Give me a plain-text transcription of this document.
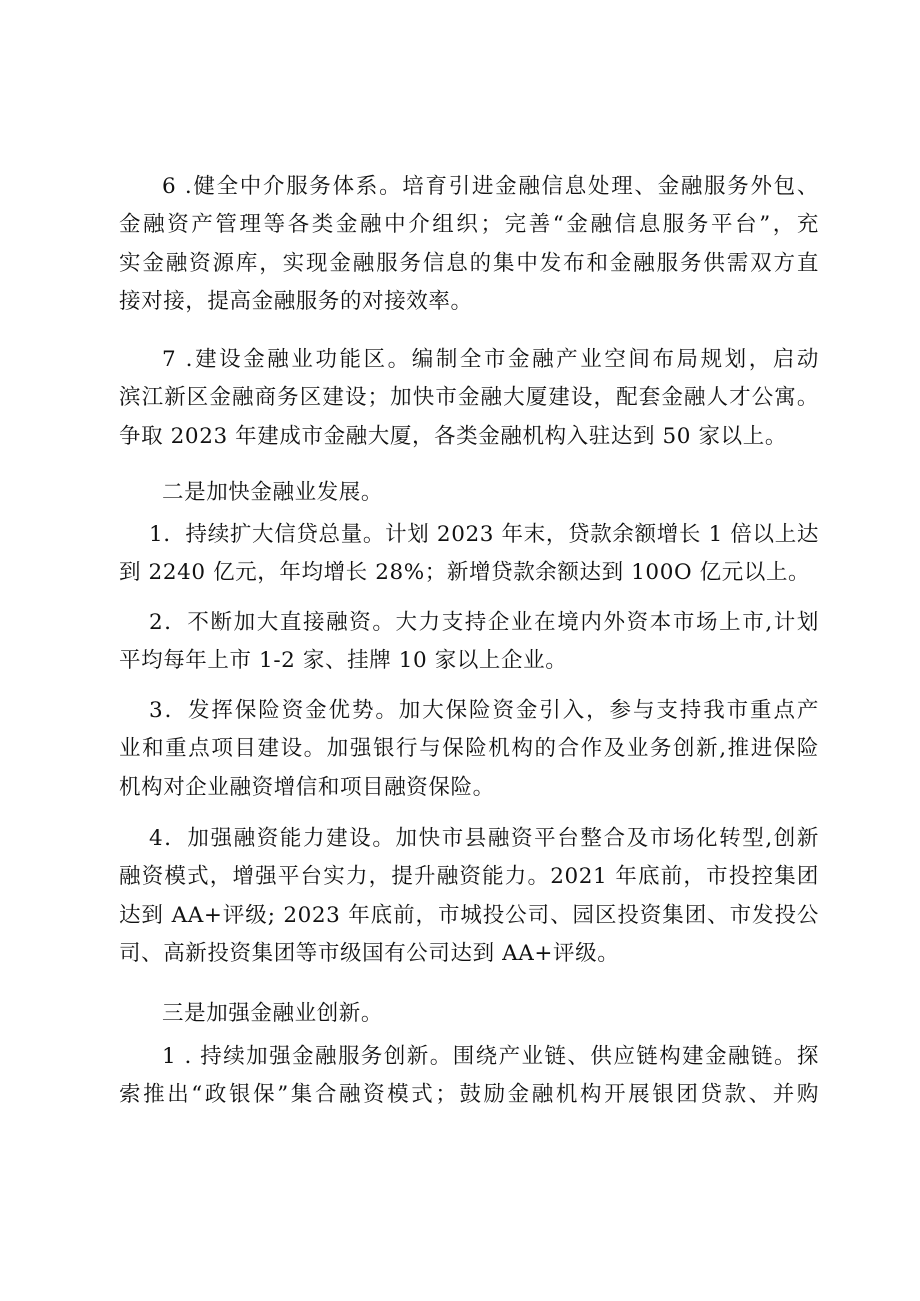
6 .健全中介服务体系。培育引进金融信息处理、金融服务外包、
金融资产管理等各类金融中介组织；完善“金融信息服务平台”，充
实金融资源库，实现金融服务信息的集中发布和金融服务供需双方直
接对接，提高金融服务的对接效率。
7 .建设金融业功能区。编制全市金融产业空间布局规划，启动
滨江新区金融商务区建设；加快市金融大厦建设，配套金融人才公寓。
争取 2023 年建成市金融大厦，各类金融机构入驻达到 50 家以上。
二是加快金融业发展。
1．持续扩大信贷总量。计划 2023 年末，贷款余额增长 1 倍以上达
到 2240 亿元，年均增长 28%；新增贷款余额达到 100O 亿元以上。
2．不断加大直接融资。大力支持企业在境内外资本市场上市,计划
平均每年上市 1-2 家、挂牌 10 家以上企业。
3．发挥保险资金优势。加大保险资金引入，参与支持我市重点产
业和重点项目建设。加强银行与保险机构的合作及业务创新,推进保险
机构对企业融资增信和项目融资保险。
4．加强融资能力建设。加快市县融资平台整合及市场化转型,创新
融资模式，增强平台实力，提升融资能力。2021 年底前，市投控集团
达到 AA+评级; 2023 年底前，市城投公司、园区投资集团、市发投公
司、高新投资集团等市级国有公司达到 AA+评级。
三是加强金融业创新。
1 . 持续加强金融服务创新。围绕产业链、供应链构建金融链。探
索推出“政银保”集合融资模式；鼓励金融机构开展银团贷款、并购
